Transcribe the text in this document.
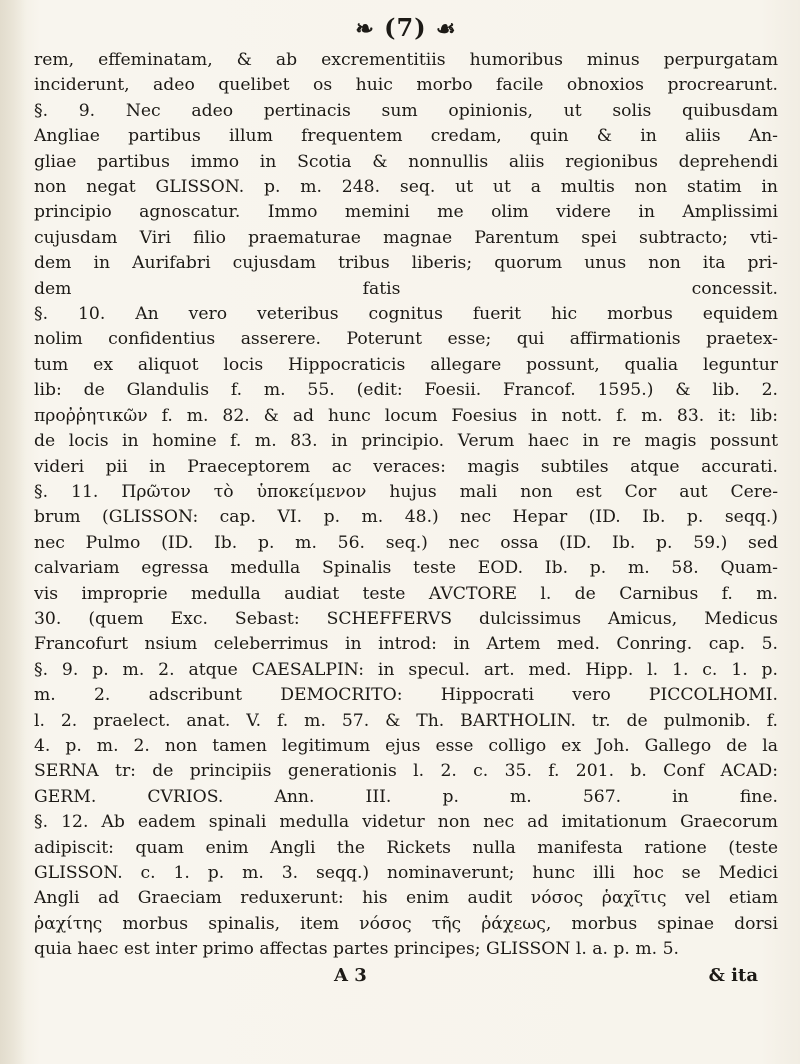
❧ (7) ☙
rem, effeminatam, & ab excrementitiis humoribus minus perpurgatam
inciderunt, adeo quelibet os huic morbo facile obnoxios procrearunt.
§. 9. Nec adeo pertinacis sum opinionis, ut solis quibusdam
Angliae partibus illum frequentem credam, quin & in aliis An-
gliae partibus immo in Scotia & nonnullis aliis regionibus deprehendi
non negat GLISSON. p. m. 248. seq. ut ut a multis non statim in
principio agnoscatur. Immo memini me olim videre in Amplissimi
cujusdam Viri filio praematurae magnae Parentum spei subtracto; vti-
dem in Aurifabri cujusdam tribus liberis; quorum unus non ita pri-
dem fatis concessit.
§. 10. An vero veteribus cognitus fuerit hic morbus equidem
nolim confidentius asserere. Poterunt esse; qui affirmationis praetex-
tum ex aliquot locis Hippocraticis allegare possunt, qualia leguntur
lib: de Glandulis f. m. 55. (edit: Foesii. Francof. 1595.) & lib. 2.
προῤῥητικῶν f. m. 82. & ad hunc locum Foesius in nott. f. m. 83. it: lib:
de locis in homine f. m. 83. in principio. Verum haec in re magis possunt
videri pii in Praeceptorem ac veraces: magis subtiles atque accurati.
§. 11. Πρῶτον τὸ ὑποκείμενον hujus mali non est Cor aut Cere-
brum (GLISSON: cap. VI. p. m. 48.) nec Hepar (ID. Ib. p. seqq.)
nec Pulmo (ID. Ib. p. m. 56. seq.) nec ossa (ID. Ib. p. 59.) sed
calvariam egressa medulla Spinalis teste EOD. Ib. p. m. 58. Quam-
vis improprie medulla audiat teste AVCTORE l. de Carnibus f. m.
30. (quem Exc. Sebast: SCHEFFERVS dulcissimus Amicus, Medicus
Francofurt nsium celeberrimus in introd: in Artem med. Conring. cap. 5.
§. 9. p. m. 2. atque CAESALPIN: in specul. art. med. Hipp. l. 1. c. 1. p.
m. 2. adscribunt DEMOCRITO: Hippocrati vero PICCOLHOMI.
l. 2. praelect. anat. V. f. m. 57. & Th. BARTHOLIN. tr. de pulmonib. f.
4. p. m. 2. non tamen legitimum ejus esse colligo ex Joh. Gallego de la
SERNA tr: de principiis generationis l. 2. c. 35. f. 201. b. Conf ACAD:
GERM. CVRIOS. Ann. III. p. m. 567. in fine.
§. 12. Ab eadem spinali medulla videtur non nec ad imitationum Graecorum
adipiscit: quam enim Angli the Rickets nulla manifesta ratione (teste
GLISSON. c. 1. p. m. 3. seqq.) nominaverunt; hunc illi hoc se Medici
Angli ad Graeciam reduxerunt: his enim audit νόσος ῥαχῖτις vel etiam
ῥαχίτης morbus spinalis, item νόσος τῆς ῥάχεως, morbus spinae dorsi
quia haec est inter primo affectas partes principes; GLISSON l. a. p. m. 5.
A 3	& ita
